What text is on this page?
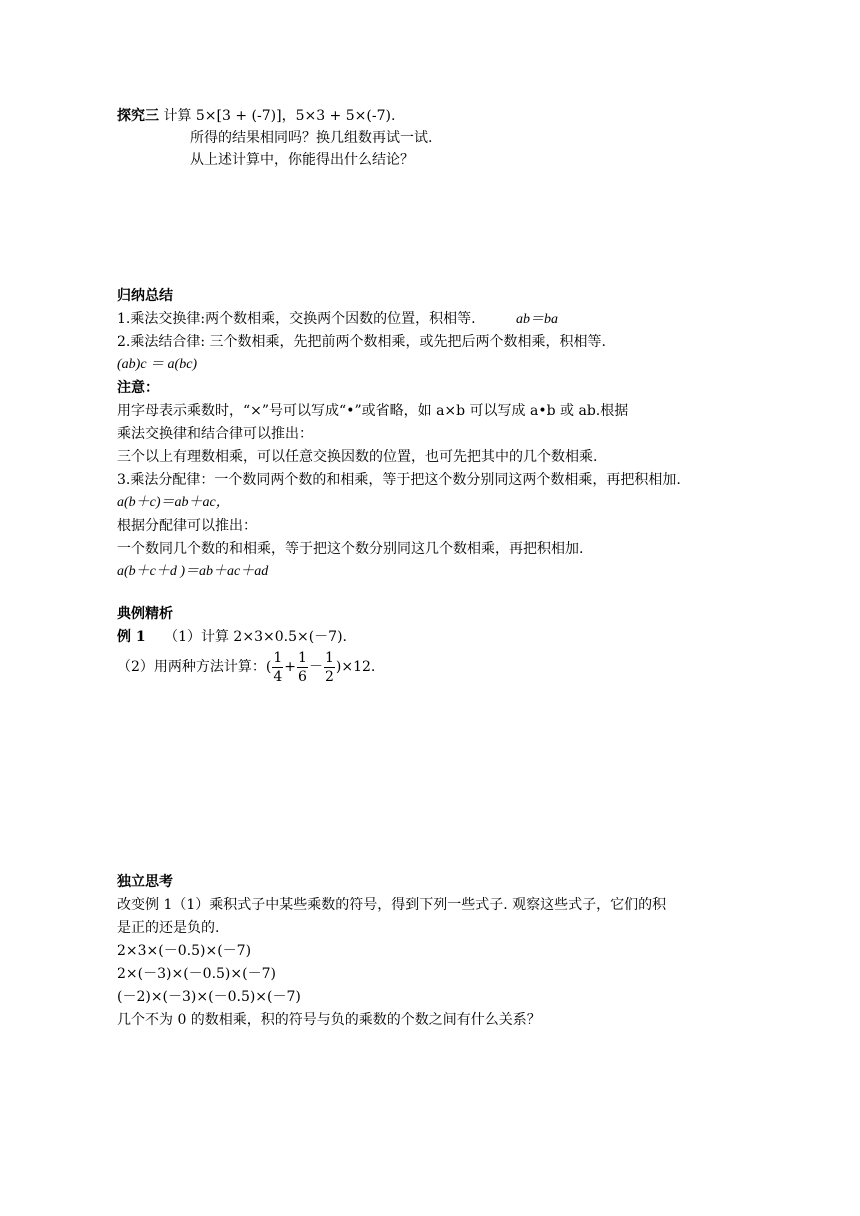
探究三 计算 5×[3 + (-7)]，5×3 + 5×(-7).
所得的结果相同吗？换几组数再试一试.
从上述计算中，你能得出什么结论？
归纳总结
1.乘法交换律:两个数相乘，交换两个因数的位置，积相等.	ab＝ba
2.乘法结合律: 三个数相乘，先把前两个数相乘，或先把后两个数相乘，积相等.
(ab)c ＝ a(bc)
注意：
用字母表示乘数时，“×”号可以写成“•”或省略，如 a×b 可以写成 a•b 或 ab.根据
乘法交换律和结合律可以推出：
三个以上有理数相乘，可以任意交换因数的位置，也可先把其中的几个数相乘.
3.乘法分配律：一个数同两个数的和相乘，等于把这个数分别同这两个数相乘，再把积相加.
a(b＋c)＝ab＋ac，
根据分配律可以推出：
一个数同几个数的和相乘，等于把这个数分别同这几个数相乘，再把积相加.
a(b＋c＋d )＝ab＋ac＋ad
典例精析
例 1 （1）计算 2×3×0.5×(－7).
（2）用两种方法计算：( $\frac{1}{4} + \frac{1}{6} - \frac{1}{2} )\times 12$.
独立思考
改变例 1（1）乘积式子中某些乘数的符号，得到下列一些式子. 观察这些式子，它们的积
是正的还是负的.
2×3×(－0.5)×(－7)
2×(－3)×(－0.5)×(－7)
(－2)×(－3)×(－0.5)×(－7)
几个不为 0 的数相乘，积的符号与负的乘数的个数之间有什么关系？
